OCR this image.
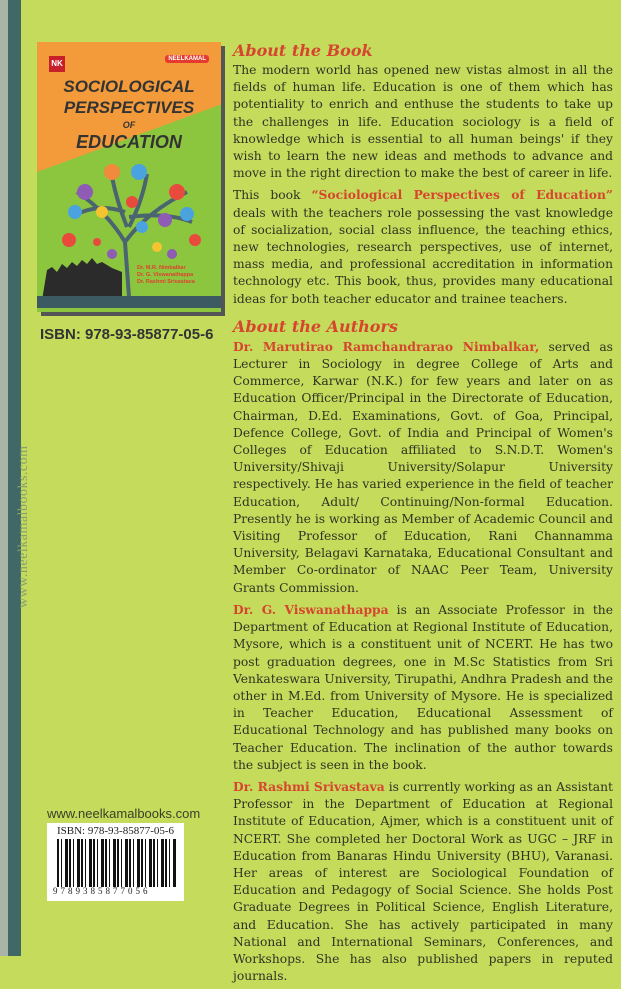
www.neelkamalbooks.com
NK	NEELKAMAL
SOCIOLOGICAL
PERSPECTIVES
OF
EDUCATION
Dr. M.R. Nimbalkar
Dr. G. Viswanathappa
Dr. Rashmi Srivastava
ISBN: 978-93-85877-05-6
About the Book

The modern world has opened new vistas almost in all the fields of human life. Education is one of them which has potentiality to enrich and enthuse the students to take up the challenges in life. Education sociology is a field of knowledge which is essential to all human beings' if they wish to learn the new ideas and methods to advance and move in the right direction to make the best of career in life.

This book “Sociological Perspectives of Education” deals with the teachers role possessing the vast knowledge of socialization, social class influence, the teaching ethics, new technologies, research perspectives, use of internet, mass media, and professional accreditation in information technology etc. This book, thus, provides many educational ideas for both teacher educator and trainee teachers.

About the Authors

Dr. Marutirao Ramchandrarao Nimbalkar, served as Lecturer in Sociology in degree College of Arts and Commerce, Karwar (N.K.) for few years and later on as Education Officer/Principal in the Directorate of Education, Chairman, D.Ed. Examinations, Govt. of Goa, Principal, Defence College, Govt. of India and Principal of Women's Colleges of Education affiliated to S.N.D.T. Women's University/Shivaji University/Solapur University respectively. He has varied experience in the field of teacher Education, Adult/ Continuing/Non-formal Education. Presently he is working as Member of Academic Council and Visiting Professor of Education, Rani Channamma University, Belagavi Karnataka, Educational Consultant and Member Co-ordinator of NAAC Peer Team, University Grants Commission.

Dr. G. Viswanathappa is an Associate Professor in the Department of Education at Regional Institute of Education, Mysore, which is a constituent unit of NCERT. He has two post graduation degrees, one in M.Sc Statistics from Sri Venkateswara University, Tirupathi, Andhra Pradesh and the other in M.Ed. from University of Mysore. He is specialized in Teacher Education, Educational Assessment of Educational Technology and has published many books on Teacher Education. The inclination of the author towards the subject is seen in the book.

Dr. Rashmi Srivastava is currently working as an Assistant Professor in the Department of Education at Regional Institute of Education, Ajmer, which is a constituent unit of NCERT. She completed her Doctoral Work as UGC – JRF in Education from Banaras Hindu University (BHU), Varanasi. Her areas of interest are Sociological Foundation of Education and Pedagogy of Social Science. She holds Post Graduate Degrees in Political Science, English Literature, and Education. She has actively participated in many National and International Seminars, Conferences, and Workshops. She has also published papers in reputed journals.

www.neelkamalbooks.com
ISBN: 978-93-85877-05-6
9789385877056
